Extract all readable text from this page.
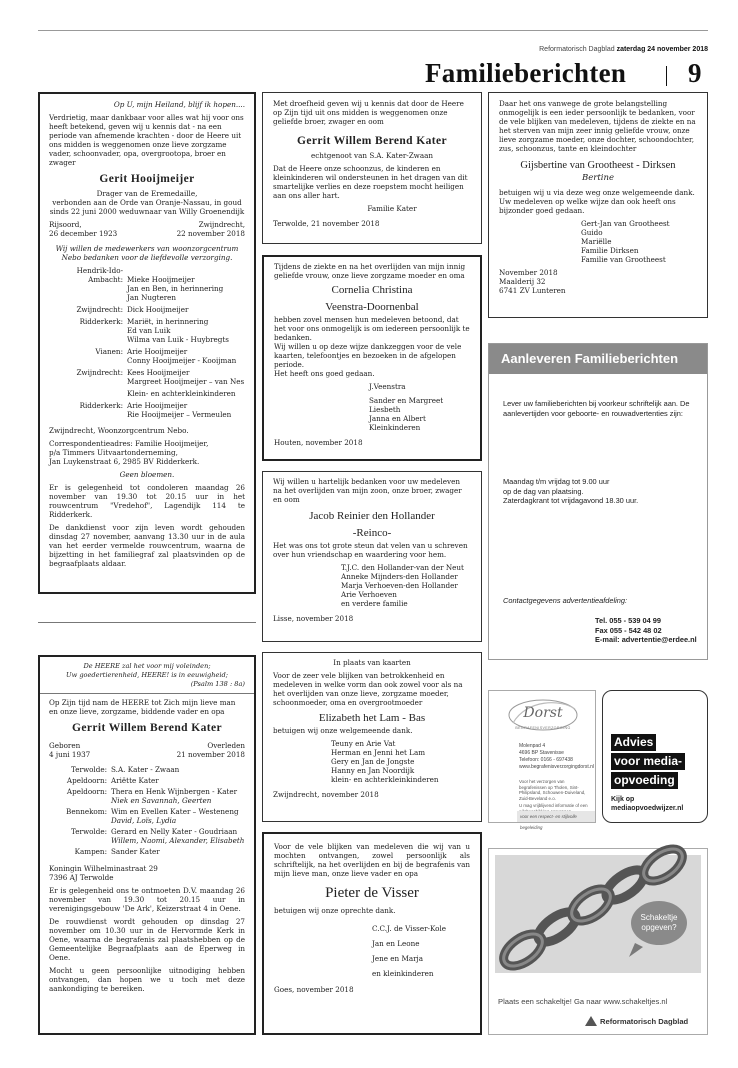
Reformatorisch Dagblad zaterdag 24 november 2018
Familieberichten 9
Op U, mijn Heiland, blijf ik hopen....
Verdrietig, maar dankbaar voor alles wat hij voor ons heeft betekend, geven wij u kennis dat - na een periode van afnemende krachten - door de Heere uit ons midden is weggenomen onze lieve zorgzame vader, schoonvader, opa, overgrootopa, broer en zwager
Gerit Hooijmeijer
Drager van de Eremedaille,
verbonden aan de Orde van Oranje-Nassau, in goud
sinds 22 juni 2000 weduwnaar van Willy Groenendijk
Rijsoord,
26 december 1923
Zwijndrecht,
22 november 2018
Wij willen de medewerkers van woonzorgcentrum Nebo bedanken voor de liefdevolle verzorging.
Hendrik-Ido-
Ambacht: Mieke Hooijmeijer
Jan en Ben, in herinnering
Jan Nugteren
Zwijndrecht: Dick Hooijmeijer
Ridderkerk: Mariët, in herinnering
Ed van Luik
Wilma van Luik - Huybregts
Vianen: Arie Hooijmeijer
Conny Hooijmeijer - Kooijman
Zwijndrecht: Kees Hooijmeijer
Margreet Hooijmeijer – van Nes
Klein- en achterkleinkinderen
Ridderkerk: Arie Hooijmeijer
Rie Hooijmeijer – Vermeulen
Zwijndrecht, Woonzorgcentrum Nebo.
Correspondentieadres: Familie Hooijmeijer,
p/a Timmers Uitvaartonderneming,
Jan Luykenstraat 6, 2985 BV Ridderkerk.
Geen bloemen.
Er is gelegenheid tot condoleren maandag 26 november van 19.30 tot 20.15 uur in het rouwcentrum "Vredehof", Lagendijk 114 te Ridderkerk.
De dankdienst voor zijn leven wordt gehouden dinsdag 27 november, aanvang 13.30 uur in de aula van het eerder vermelde rouwcentrum, waarna de bijzetting in het familiegraf zal plaatsvinden op de begraafplaats aldaar.
De HEERE zal het voor mij voleinden;
Uw goedertierenheid, HEERE! is in eeuwigheid;
(Psalm 138 : 8a)
Op Zijn tijd nam de HEERE tot Zich mijn lieve man en onze lieve, zorgzame, biddende vader en opa
Gerrit Willem Berend Kater
Geboren
4 juni 1937
Overleden
21 november 2018
Terwolde: S.A. Kater - Zwaan
Apeldoorn: Ariëtte Kater
Apeldoorn: Thera en Henk Wijnbergen - Kater
Niek en Savannah, Geerten
Bennekom: Wim en Evellen Kater – Westeneng
David, Loïs, Lydia
Terwolde: Gerard en Nelly Kater - Goudriaan
Willem, Naomi, Alexander, Elisabeth
Kampen: Sander Kater
Koningin Wilhelminastraat 29
7396 AJ Terwolde
Er is gelegenheid ons te ontmoeten D.V. maandag 26 november van 19.30 tot 20.15 uur in verenigingsgebouw 'De Ark', Keizerstraat 4 in Oene.
De rouwdienst wordt gehouden op dinsdag 27 november om 10.30 uur in de Hervormde Kerk in Oene, waarna de begrafenis zal plaatshebben op de Gemeentelijke Begraafplaats aan de Eperweg in Oene.
Mocht u geen persoonlijke uitnodiging hebben ontvangen, dan hopen we u toch met deze aankondiging te bereiken.
Met droefheid geven wij u kennis dat door de Heere op Zijn tijd uit ons midden is weggenomen onze geliefde broer, zwager en oom
Gerrit Willem Berend Kater
echtgenoot van S.A. Kater-Zwaan
Dat de Heere onze schoonzus, de kinderen en kleinkinderen wil ondersteunen in het dragen van dit smartelijke verlies en deze roepstem mocht heiligen aan ons aller hart.
Familie Kater
Terwolde, 21 november 2018
Tijdens de ziekte en na het overlijden van mijn innig geliefde vrouw, onze lieve zorgzame moeder en oma
Cornelia Christina
Veenstra-Doornenbal
hebben zovel mensen hun medeleven betoond, dat het voor ons onmogelijk is om iedereen persoonlijk te bedanken.
Wij willen u op deze wijze dankzeggen voor de vele kaarten, telefoontjes en bezoeken in de afgelopen periode.
Het heeft ons goed gedaan.
J.Veenstra
Sander en Margreet
Liesbeth
Janna en Albert
Kleinkinderen
Houten, november 2018
Wij willen u hartelijk bedanken voor uw medeleven na het overlijden van mijn zoon, onze broer, zwager en oom
Jacob Reinier den Hollander
-Reinco-
Het was ons tot grote steun dat velen van u schreven over hun vriendschap en waardering voor hem.
T.J.C. den Hollander-van der Neut
Anneke Mijnders-den Hollander
Marja Verhoeven-den Hollander
Arie Verhoeven
en verdere familie
Lisse, november 2018
In plaats van kaarten
Voor de zeer vele blijken van betrokkenheid en medeleven in welke vorm dan ook zowel voor als na het overlijden van onze lieve, zorgzame moeder, schoonmoeder, oma en overgrootmoeder
Elizabeth het Lam - Bas
betuigen wij onze welgemeende dank.
Teuny en Arie Vat
Herman en Jenni het Lam
Gery en Jan de Jongste
Hanny en Jan Noordijk
klein- en achterkleinkinderen
Zwijndrecht, november 2018
Voor de vele blijken van medeleven die wij van u mochten ontvangen, zowel persoonlijk als schriftelijk, na het overlijden en bij de begrafenis van mijn lieve man, onze lieve vader en opa
Pieter de Visser
betuigen wij onze oprechte dank.
C.C.J. de Visser-Kole
Jan en Leone
Jene en Marja
en kleinkinderen
Goes, november 2018
Daar het ons vanwege de grote belangstelling onmogelijk is een ieder persoonlijk te bedanken, voor de vele blijken van medeleven, tijdens de ziekte en na het sterven van mijn zeer innig geliefde vrouw, onze lieve zorgzame moeder, onze dochter, schoondochter, zus, schoonzus, tante en kleindochter
Gijsbertine van Grootheest - Dirksen
Bertine
betuigen wij u via deze weg onze welgemeende dank. Uw medeleven op welke wijze dan ook heeft ons bijzonder goed gedaan.
Gert-Jan van Grootheest
Guido
Mariëlle
Familie Dirksen
Familie van Grootheest
November 2018
Maalderij 32
6741 ZV Lunteren
Aanleveren Familieberichten
Lever uw familieberichten bij voorkeur schriftelijk aan. De aanlevertijden voor geboorte- en rouwadvertenties zijn:
Maandag t/m vrijdag tot 9.00 uur
op de dag van plaatsing.
Zaterdagkrant tot vrijdagavond 18.30 uur.
Contactgegevens advertentieafdeling:
Tel. 055 - 539 04 99
Fax 055 - 542 48 02
E-mail: advertentie@erdee.nl
Dorst
BEGRAFENISVERZORGING
Molenpad 4
4696 BP Stavenisse
Telefoon: 0166 - 697438
www.begrafenisverzorgingdorst.nl
Voor het verzorgen van begrafenissen op Tholen, Sint-Philipsland, Schouwen-Duiveland, Zuid-Beveland e.o.
U mag vrijblijvend informatie of een
voor een respect- en stijlvolle begeleiding
Advies
voor media-
opvoeding
Kijk op
mediaopvoedwijzer.nl
Schakeltje
opgeven?
Plaats een schakeltje! Ga naar www.schakeltjes.nl
Reformatorisch Dagblad
